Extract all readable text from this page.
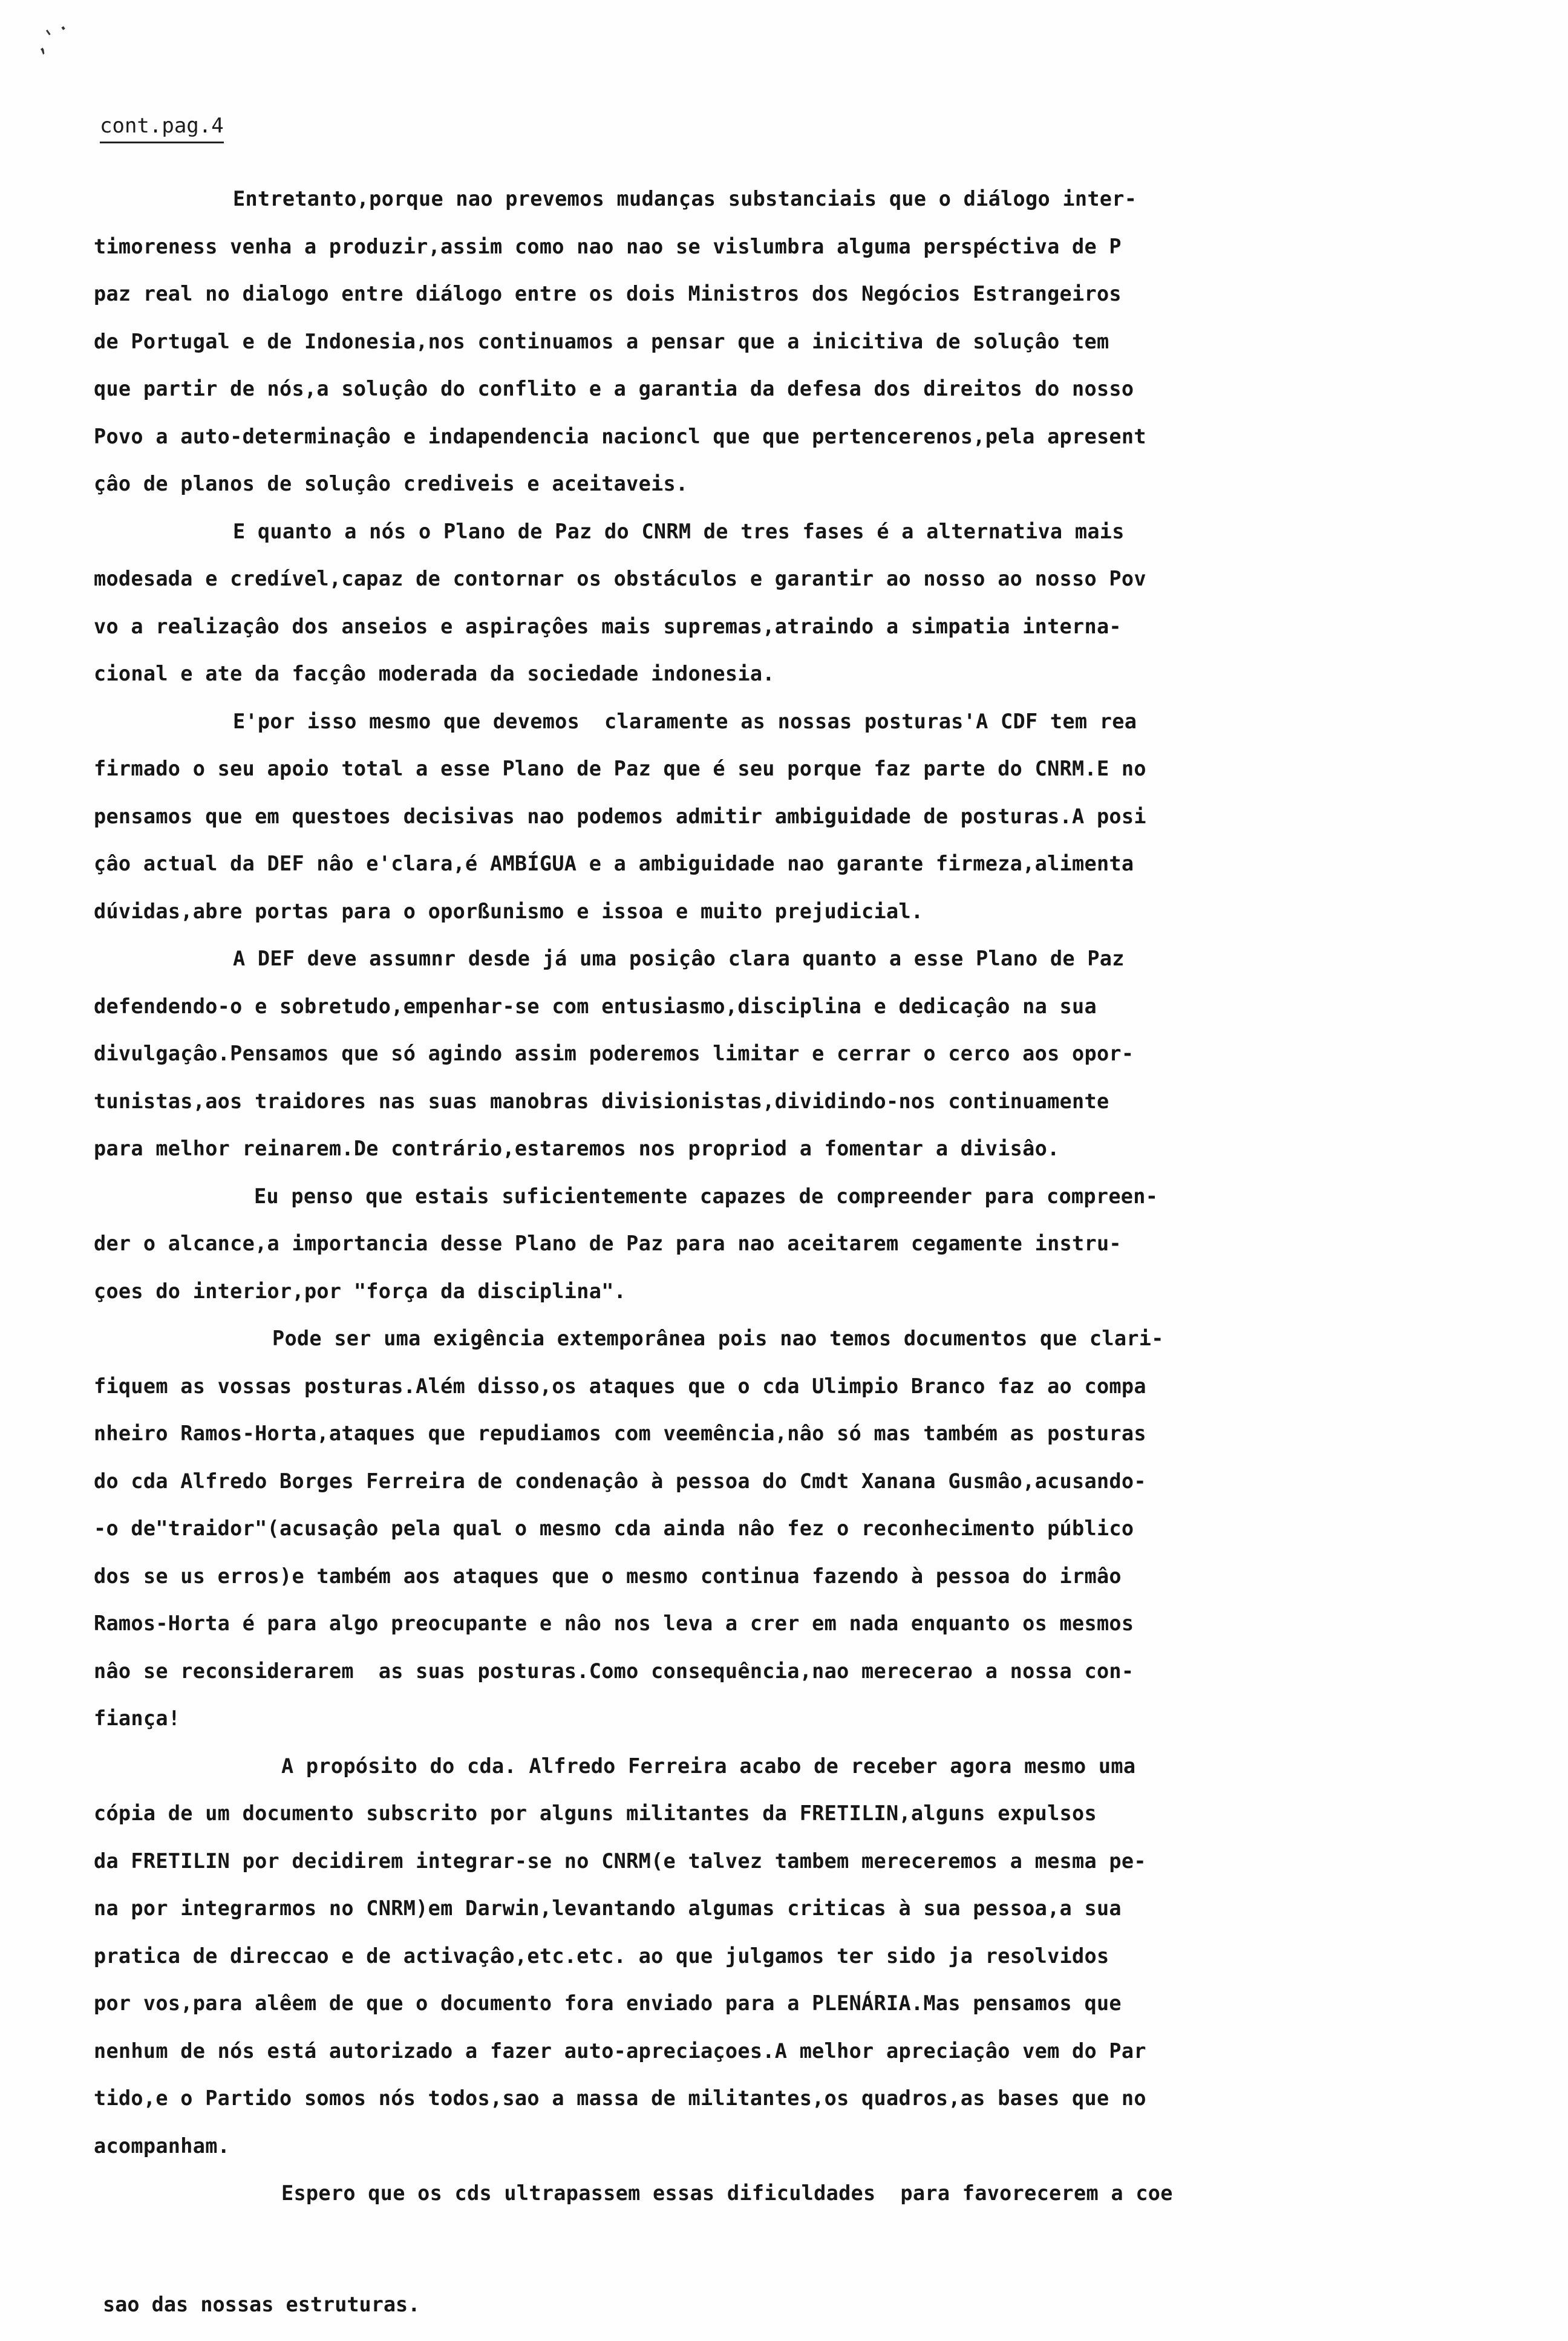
,'·
cont.pag.4
Entretanto,porque nao prevemos mudanças substanciais que o diálogo inter-
timoreness venha a produzir,assim como nao nao se vislumbra alguma perspéctiva de P
paz real no dialogo entre diálogo entre os dois Ministros dos Negócios Estrangeiros
de Portugal e de Indonesia,nos continuamos a pensar que a inicitiva de soluçâo tem
que partir de nós,a soluçâo do conflito e a garantia da defesa dos direitos do nosso
Povo a auto-determinaçâo e indapendencia nacioncl que que pertencerenos,pela apresent
çâo de planos de soluçâo crediveis e aceitaveis.
E quanto a nós o Plano de Paz do CNRM de tres fases é a alternativa mais
modesada e credível,capaz de contornar os obstáculos e garantir ao nosso ao nosso Pov
vo a realizaçâo dos anseios e aspiraçôes mais supremas,atraindo a simpatia interna-
cional e ate da facçâo moderada da sociedade indonesia.
E'por isso mesmo que devemos  claramente as nossas posturas'A CDF tem rea
firmado o seu apoio total a esse Plano de Paz que é seu porque faz parte do CNRM.E no
pensamos que em questoes decisivas nao podemos admitir ambiguidade de posturas.A posi
çâo actual da DEF nâo e'clara,é AMBÍGUA e a ambiguidade nao garante firmeza,alimenta
dúvidas,abre portas para o oporßunismo e issoa e muito prejudicial.
A DEF deve assumnr desde já uma posiçâo clara quanto a esse Plano de Paz
defendendo-o e sobretudo,empenhar-se com entusiasmo,disciplina e dedicaçâo na sua
divulgaçâo.Pensamos que só agindo assim poderemos limitar e cerrar o cerco aos opor-
tunistas,aos traidores nas suas manobras divisionistas,dividindo-nos continuamente
para melhor reinarem.De contrário,estaremos nos propriod a fomentar a divisâo.
Eu penso que estais suficientemente capazes de compreender para compreen-
der o alcance,a importancia desse Plano de Paz para nao aceitarem cegamente instru-
çoes do interior,por "força da disciplina".
Pode ser uma exigência extemporânea pois nao temos documentos que clari-
fiquem as vossas posturas.Além disso,os ataques que o cda Ulimpio Branco faz ao compa
nheiro Ramos-Horta,ataques que repudiamos com veemência,nâo só mas também as posturas
do cda Alfredo Borges Ferreira de condenaçâo à pessoa do Cmdt Xanana Gusmâo,acusando-
-o de"traidor"(acusaçâo pela qual o mesmo cda ainda nâo fez o reconhecimento público
dos se us erros)e também aos ataques que o mesmo continua fazendo à pessoa do irmâo
Ramos-Horta é para algo preocupante e nâo nos leva a crer em nada enquanto os mesmos
nâo se reconsiderarem  as suas posturas.Como consequência,nao merecerao a nossa con-
fiança!
A propósito do cda. Alfredo Ferreira acabo de receber agora mesmo uma
cópia de um documento subscrito por alguns militantes da FRETILIN,alguns expulsos
da FRETILIN por decidirem integrar-se no CNRM(e talvez tambem mereceremos a mesma pe-
na por integrarmos no CNRM)em Darwin,levantando algumas criticas à sua pessoa,a sua
pratica de direccao e de activaçâo,etc.etc. ao que julgamos ter sido ja resolvidos
por vos,para alêem de que o documento fora enviado para a PLENÁRIA.Mas pensamos que
nenhum de nós está autorizado a fazer auto-apreciaçoes.A melhor apreciaçâo vem do Par
tido,e o Partido somos nós todos,sao a massa de militantes,os quadros,as bases que no
acompanham.
Espero que os cds ultrapassem essas dificuldades  para favorecerem a coe
sao das nossas estruturas.
